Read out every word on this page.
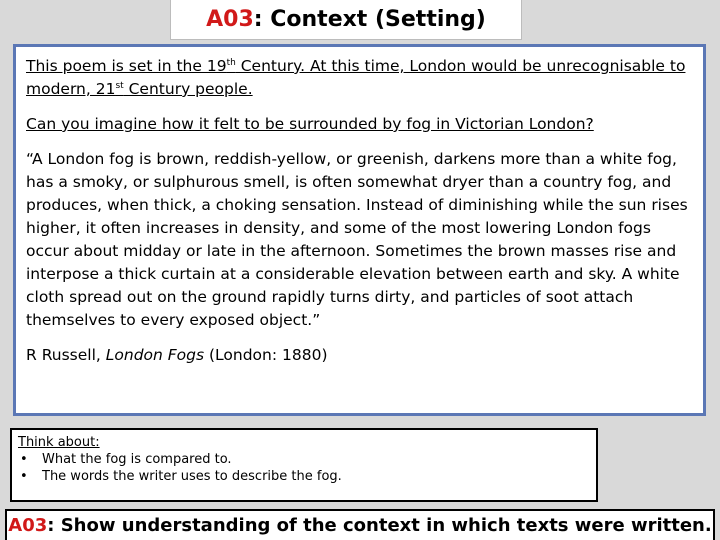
A03 : Context (Setting)

This poem is set in the 19th Century. At this time, London would be unrecognisable to modern, 21st Century people.

Can you imagine how it felt to be surrounded by fog in Victorian London?

“A London fog is brown, reddish-yellow, or greenish, darkens more than a white fog, has a smoky, or sulphurous smell, is often somewhat dryer than a country fog, and produces, when thick, a choking sensation. Instead of diminishing while the sun rises higher, it often increases in density, and some of the most lowering London fogs occur about midday or late in the afternoon. Sometimes the brown masses rise and interpose a thick curtain at a considerable elevation between earth and sky. A white cloth spread out on the ground rapidly turns dirty, and particles of soot attach themselves to every exposed object.”

R Russell, London Fogs (London: 1880)

Think about:
•	What the fog is compared to.
•	The words the writer uses to describe the fog.
A03 : Show understanding of the context in which texts were written.
